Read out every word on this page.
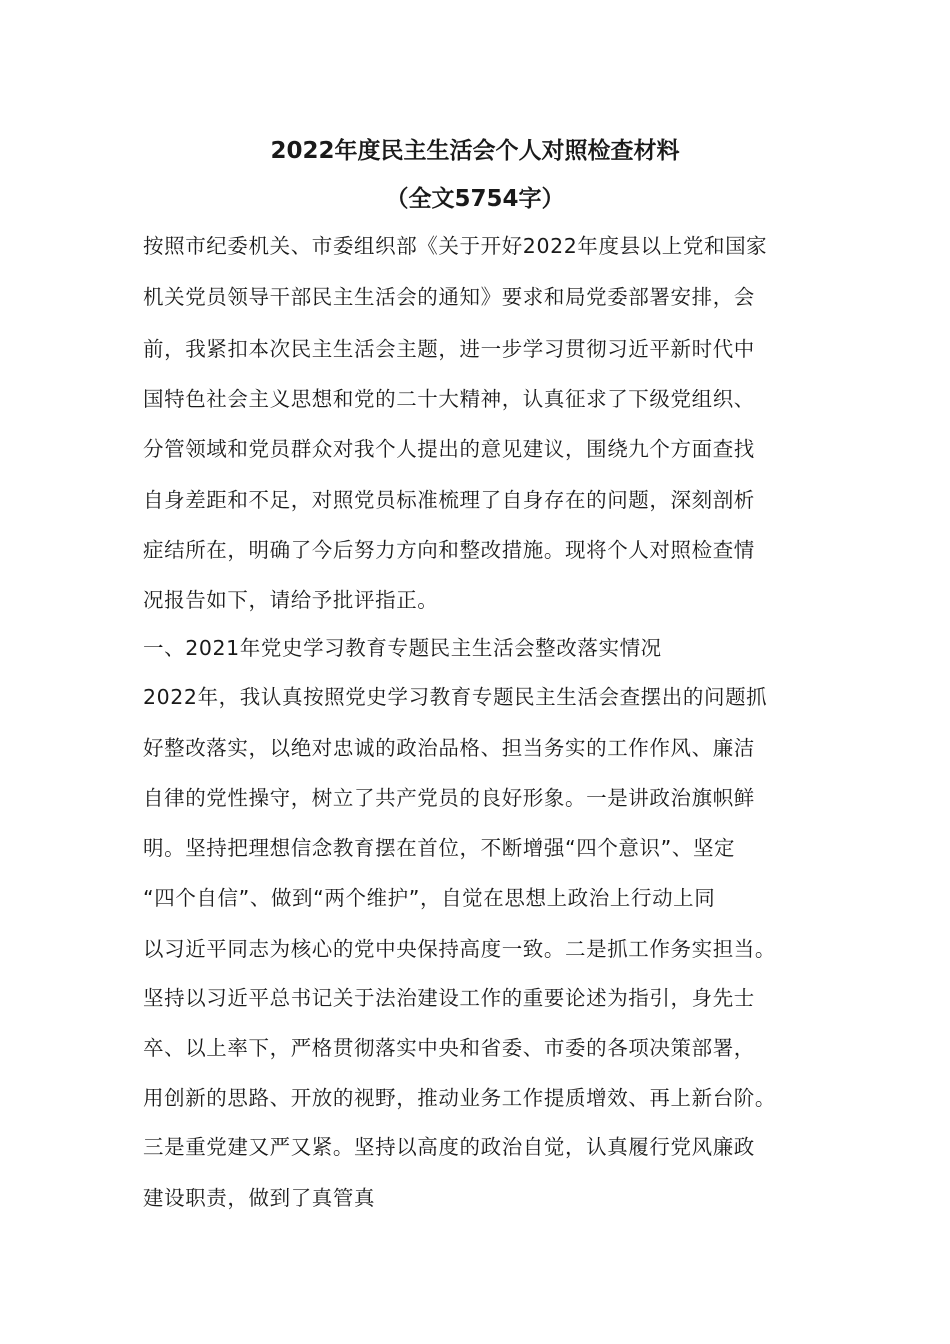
2022年度民主生活会个人对照检查材料
（全文5754字）

按照市纪委机关、市委组织部《关于开好2022年度县以上党和国家

机关党员领导干部民主生活会的通知》要求和局党委部署安排，会

前，我紧扣本次民主生活会主题，进一步学习贯彻习近平新时代中

国特色社会主义思想和党的二十大精神，认真征求了下级党组织、

分管领域和党员群众对我个人提出的意见建议，围绕九个方面查找

自身差距和不足，对照党员标准梳理了自身存在的问题，深刻剖析

症结所在，明确了今后努力方向和整改措施。现将个人对照检查情

况报告如下，请给予批评指正。

一、2021年党史学习教育专题民主生活会整改落实情况

2022年，我认真按照党史学习教育专题民主生活会查摆出的问题抓

好整改落实，以绝对忠诚的政治品格、担当务实的工作作风、廉洁

自律的党性操守，树立了共产党员的良好形象。一是讲政治旗帜鲜

明。坚持把理想信念教育摆在首位，不断增强“四个意识”、坚定

“四个自信”、做到“两个维护”，自觉在思想上政治上行动上同

以习近平同志为核心的党中央保持高度一致。二是抓工作务实担当。

坚持以习近平总书记关于法治建设工作的重要论述为指引，身先士

卒、以上率下，严格贯彻落实中央和省委、市委的各项决策部署，

用创新的思路、开放的视野，推动业务工作提质增效、再上新台阶。

三是重党建又严又紧。坚持以高度的政治自觉，认真履行党风廉政

建设职责，做到了真管真
